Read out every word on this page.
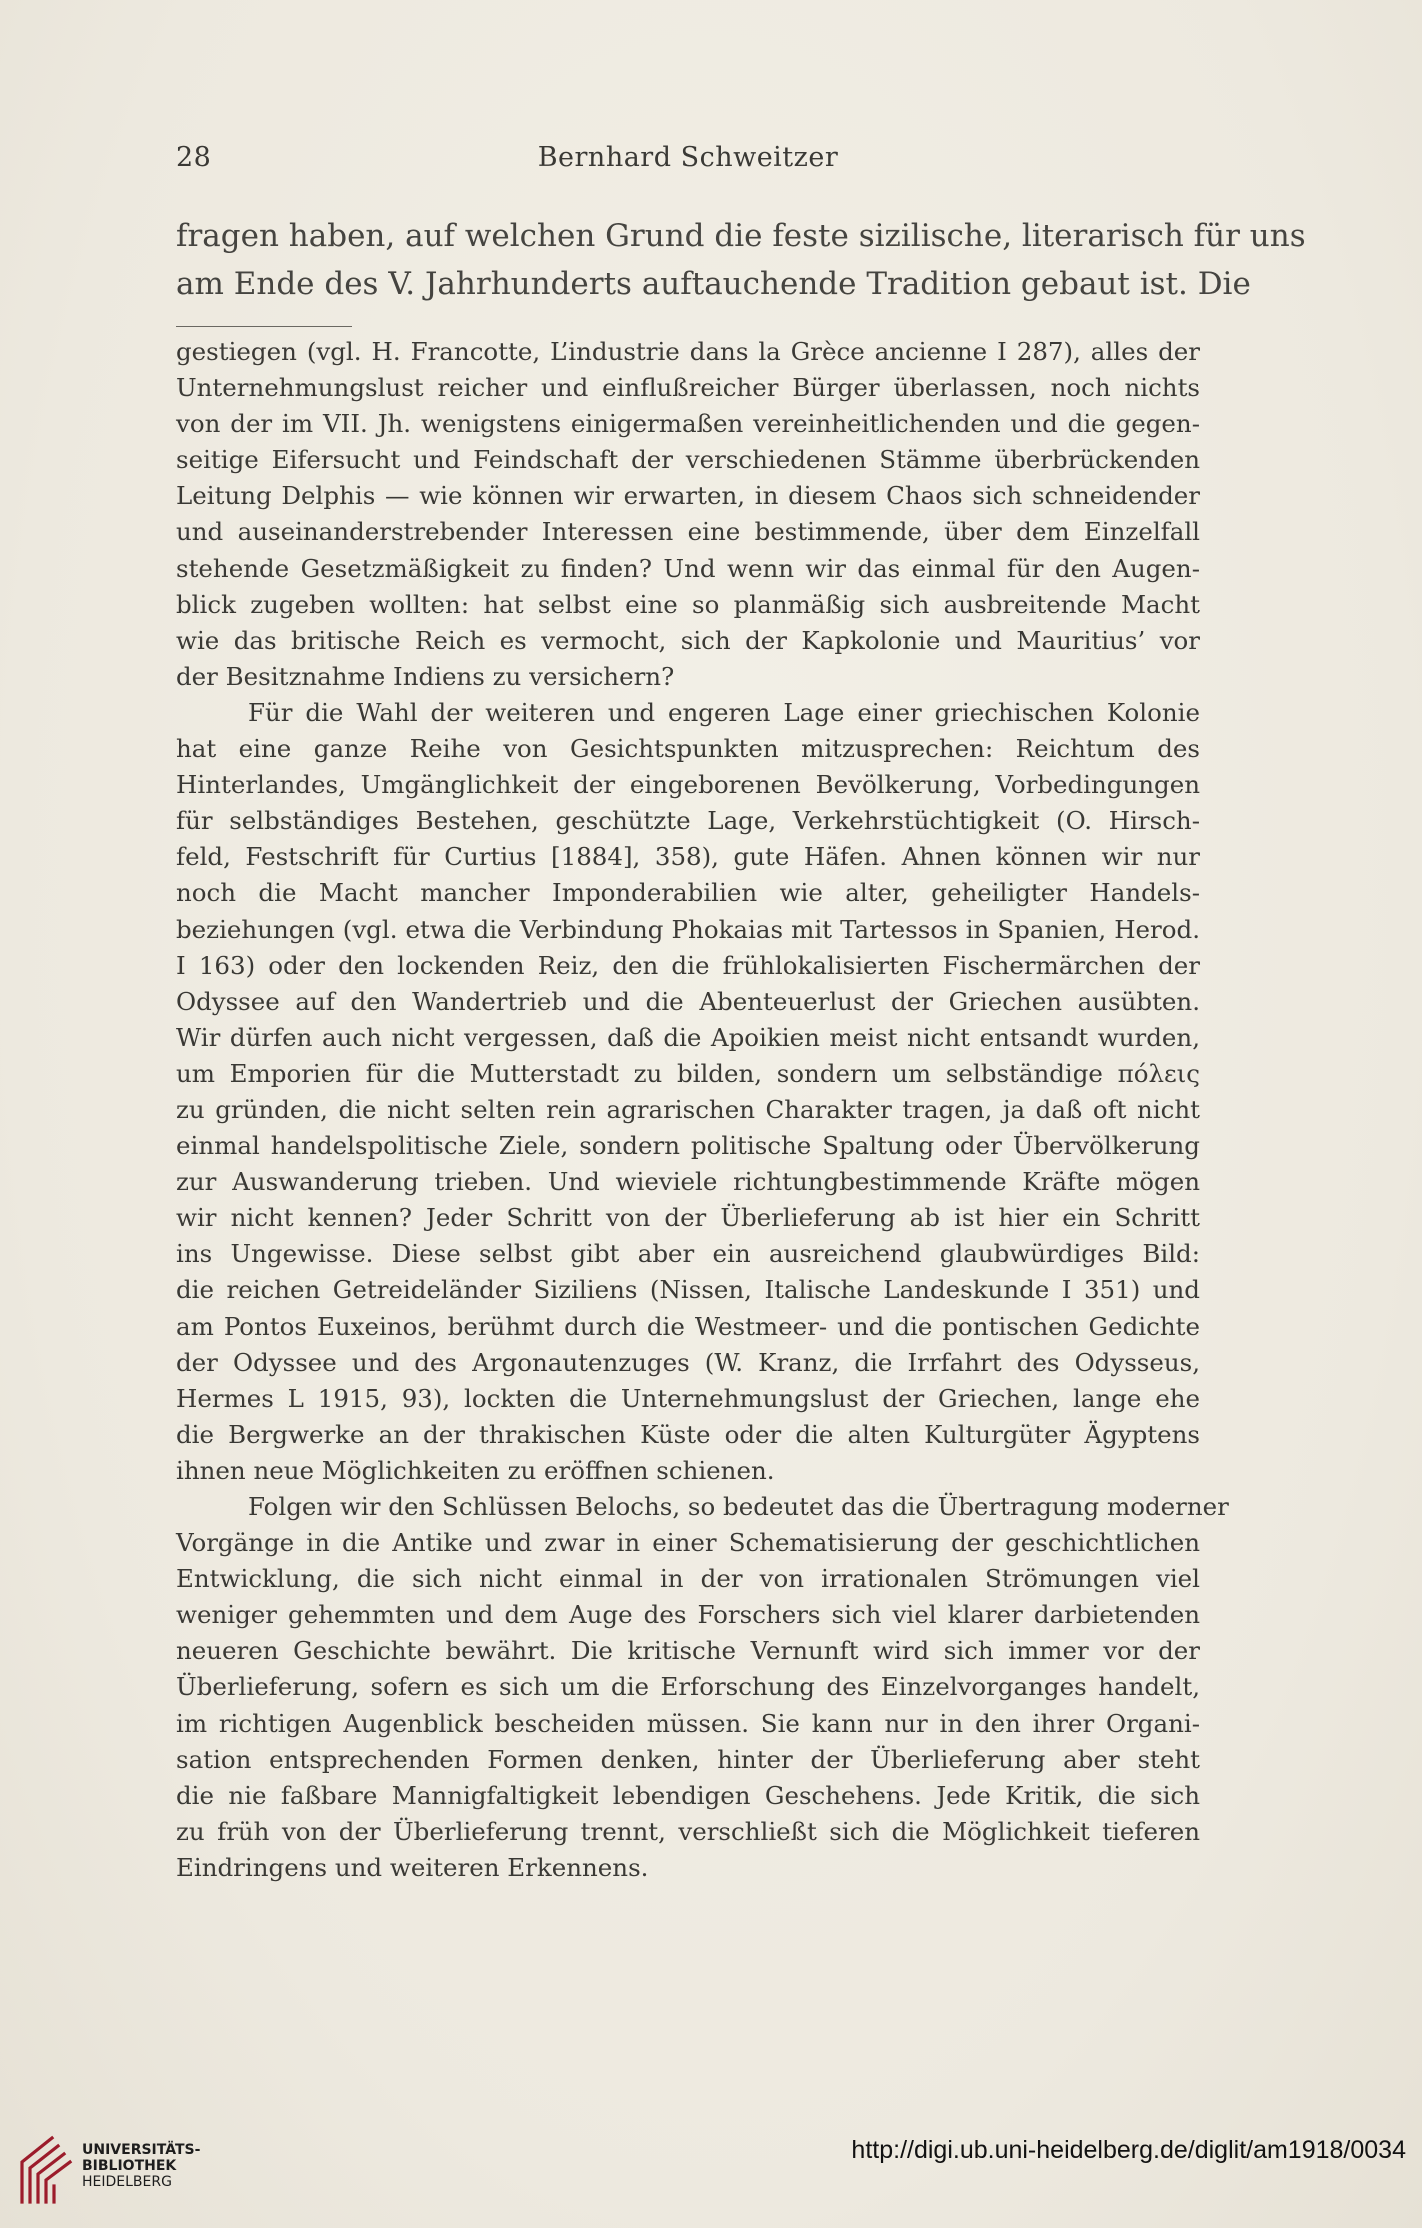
28	Bernhard Schweitzer
fragen haben, auf welchen Grund die feste sizilische, literarisch für uns
am Ende des V. Jahrhunderts auftauchende Tradition gebaut ist. Die
gestiegen (vgl. H. Francotte, L’industrie dans la Grèce ancienne I 287), alles der
Unternehmungslust reicher und einflußreicher Bürger überlassen, noch nichts
von der im VII. Jh. wenigstens einigermaßen vereinheitlichenden und die gegen-
seitige Eifersucht und Feindschaft der verschiedenen Stämme überbrückenden
Leitung Delphis — wie können wir erwarten, in diesem Chaos sich schneidender
und auseinanderstrebender Interessen eine bestimmende, über dem Einzelfall
stehende Gesetzmäßigkeit zu finden? Und wenn wir das einmal für den Augen-
blick zugeben wollten: hat selbst eine so planmäßig sich ausbreitende Macht
wie das britische Reich es vermocht, sich der Kapkolonie und Mauritius’ vor
der Besitznahme Indiens zu versichern?
Für die Wahl der weiteren und engeren Lage einer griechischen Kolonie
hat eine ganze Reihe von Gesichtspunkten mitzusprechen: Reichtum des
Hinterlandes, Umgänglichkeit der eingeborenen Bevölkerung, Vorbedingungen
für selbständiges Bestehen, geschützte Lage, Verkehrstüchtigkeit (O. Hirsch-
feld, Festschrift für Curtius [1884], 358), gute Häfen. Ahnen können wir nur
noch die Macht mancher Imponderabilien wie alter, geheiligter Handels-
beziehungen (vgl. etwa die Verbindung Phokaias mit Tartessos in Spanien, Herod.
I 163) oder den lockenden Reiz, den die frühlokalisierten Fischermärchen der
Odyssee auf den Wandertrieb und die Abenteuerlust der Griechen ausübten.
Wir dürfen auch nicht vergessen, daß die Apoikien meist nicht entsandt wurden,
um Emporien für die Mutterstadt zu bilden, sondern um selbständige πόλεις
zu gründen, die nicht selten rein agrarischen Charakter tragen, ja daß oft nicht
einmal handelspolitische Ziele, sondern politische Spaltung oder Übervölkerung
zur Auswanderung trieben. Und wieviele richtungbestimmende Kräfte mögen
wir nicht kennen? Jeder Schritt von der Überlieferung ab ist hier ein Schritt
ins Ungewisse. Diese selbst gibt aber ein ausreichend glaubwürdiges Bild:
die reichen Getreideländer Siziliens (Nissen, Italische Landeskunde I 351) und
am Pontos Euxeinos, berühmt durch die Westmeer- und die pontischen Gedichte
der Odyssee und des Argonautenzuges (W. Kranz, die Irrfahrt des Odysseus,
Hermes L 1915, 93), lockten die Unternehmungslust der Griechen, lange ehe
die Bergwerke an der thrakischen Küste oder die alten Kulturgüter Ägyptens
ihnen neue Möglichkeiten zu eröffnen schienen.
Folgen wir den Schlüssen Belochs, so bedeutet das die Übertragung moderner
Vorgänge in die Antike und zwar in einer Schematisierung der geschichtlichen
Entwicklung, die sich nicht einmal in der von irrationalen Strömungen viel
weniger gehemmten und dem Auge des Forschers sich viel klarer darbietenden
neueren Geschichte bewährt. Die kritische Vernunft wird sich immer vor der
Überlieferung, sofern es sich um die Erforschung des Einzelvorganges handelt,
im richtigen Augenblick bescheiden müssen. Sie kann nur in den ihrer Organi-
sation entsprechenden Formen denken, hinter der Überlieferung aber steht
die nie faßbare Mannigfaltigkeit lebendigen Geschehens. Jede Kritik, die sich
zu früh von der Überlieferung trennt, verschließt sich die Möglichkeit tieferen
Eindringens und weiteren Erkennens.
UNIVERSITÄTS-
BIBLIOTHEK
HEIDELBERG
http://digi.ub.uni-heidelberg.de/diglit/am1918/0034
